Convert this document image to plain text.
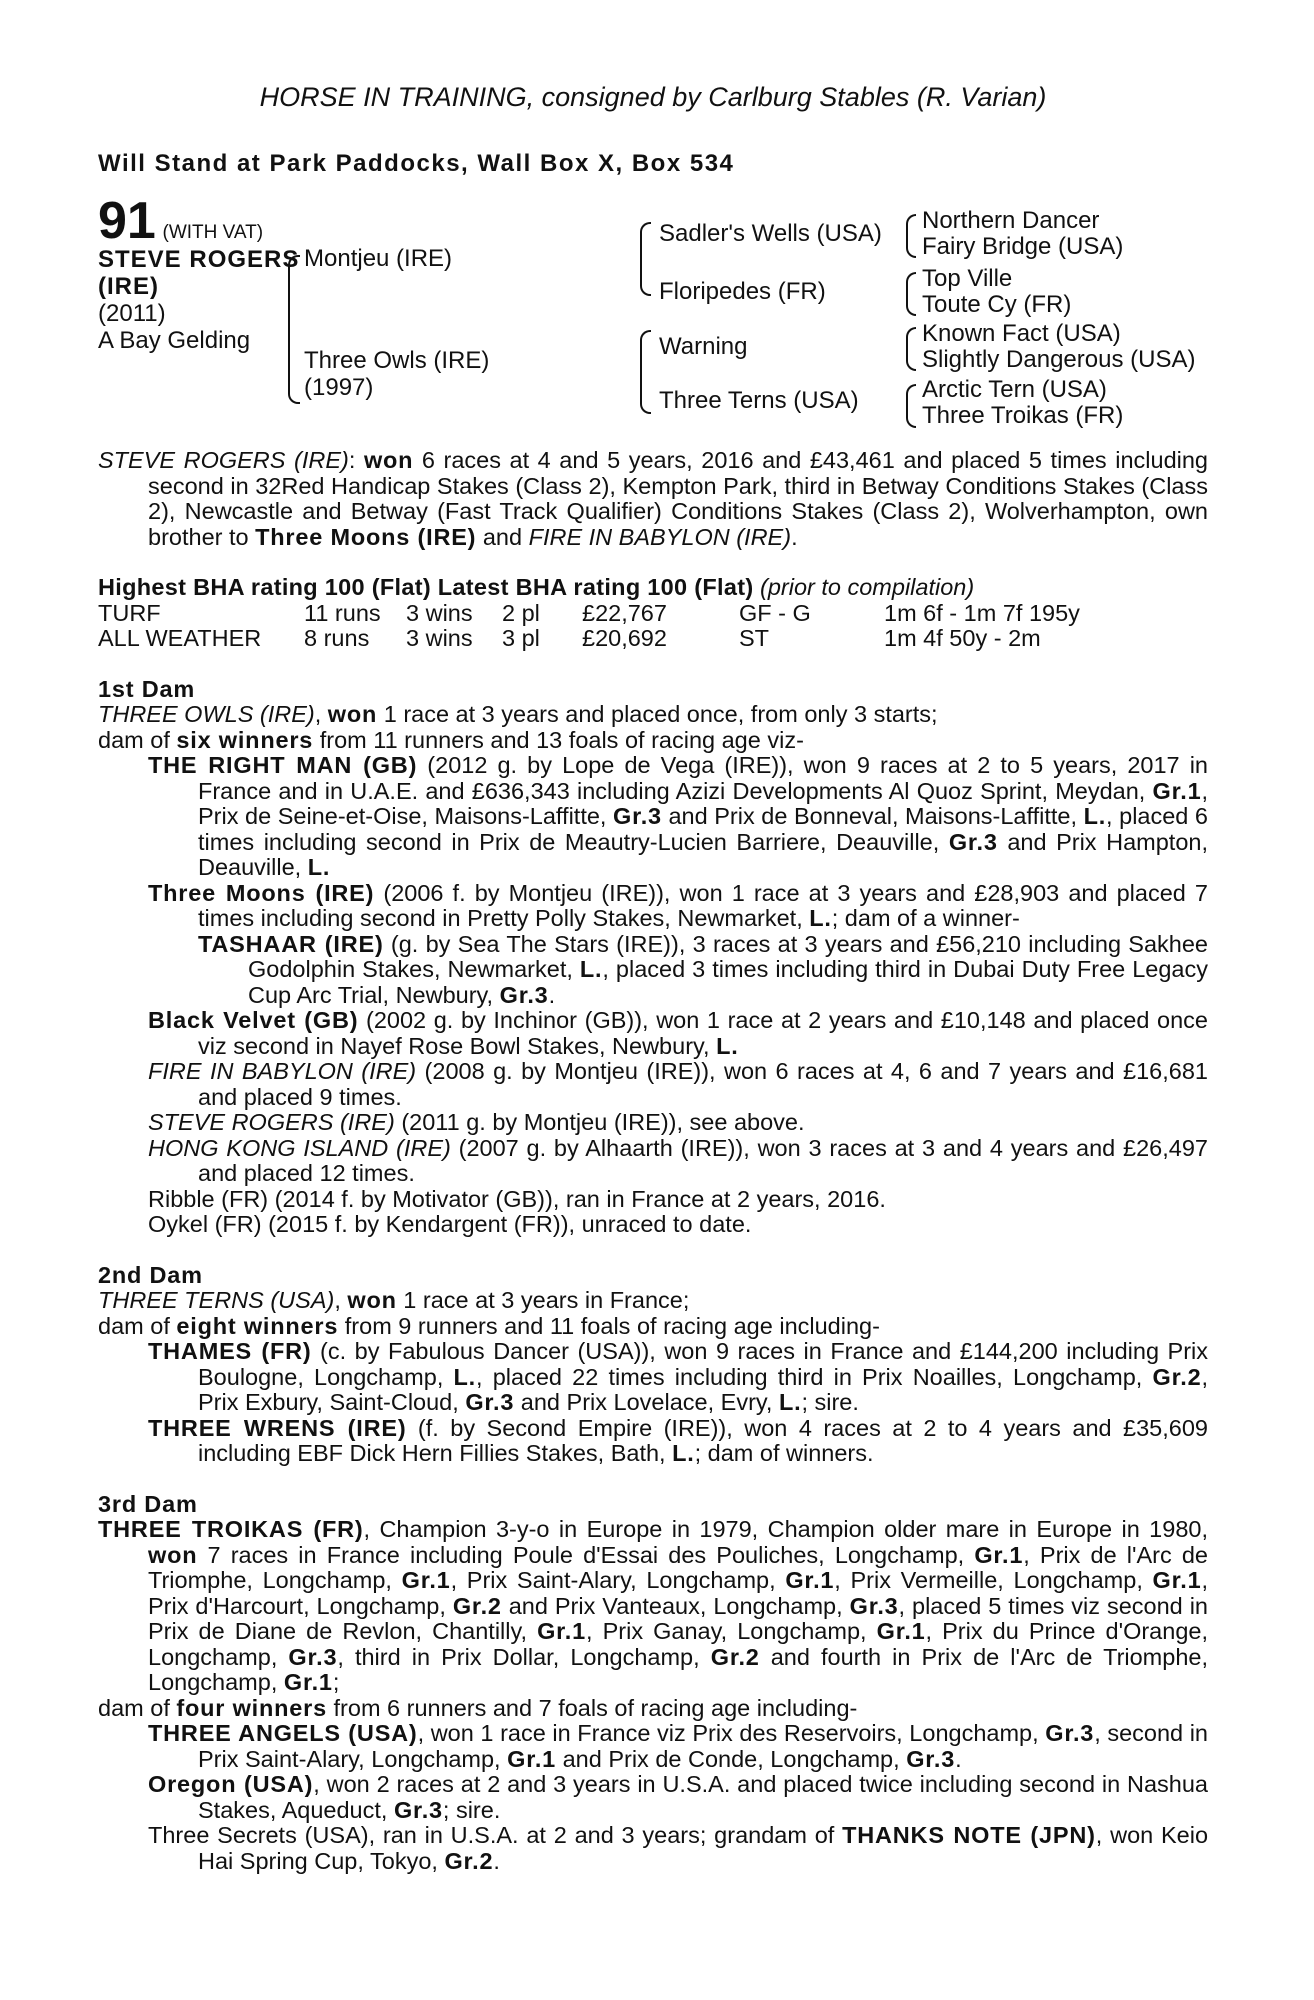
HORSE IN TRAINING, consigned by Carlburg Stables (R. Varian)
Will Stand at Park Paddocks, Wall Box X, Box 534
91 (WITH VAT)
STEVE ROGERS (IRE)
(2011)
A Bay Gelding
Montjeu (IRE)
Three Owls (IRE)
(1997)
Sadler's Wells (USA)
Floripedes (FR)
Warning
Three Terns (USA)
Northern Dancer
Fairy Bridge (USA)
Top Ville
Toute Cy (FR)
Known Fact (USA)
Slightly Dangerous (USA)
Arctic Tern (USA)
Three Troikas (FR)

STEVE ROGERS (IRE): won 6 races at 4 and 5 years, 2016 and £43,461 and placed 5 times including second in 32Red Handicap Stakes (Class 2), Kempton Park, third in Betway Conditions Stakes (Class 2), Newcastle and Betway (Fast Track Qualifier) Conditions Stakes (Class 2), Wolverhampton, own brother to Three Moons (IRE) and FIRE IN BABYLON (IRE).

Highest BHA rating 100 (Flat) Latest BHA rating 100 (Flat) (prior to compilation)

TURF	11 runs	3 wins	2 pl	£22,767	GF - G	1m 6f - 1m 7f 195y
ALL WEATHER	8 runs	3 wins	3 pl	£20,692	ST	1m 4f 50y - 2m

1st Dam

THREE OWLS (IRE), won 1 race at 3 years and placed once, from only 3 starts;

dam of six winners from 11 runners and 13 foals of racing age viz-

THE RIGHT MAN (GB) (2012 g. by Lope de Vega (IRE)), won 9 races at 2 to 5 years, 2017 in France and in U.A.E. and £636,343 including Azizi Developments Al Quoz Sprint, Meydan, Gr.1, Prix de Seine-et-Oise, Maisons-Laffitte, Gr.3 and Prix de Bonneval, Maisons-Laffitte, L., placed 6 times including second in Prix de Meautry-Lucien Barriere, Deauville, Gr.3 and Prix Hampton, Deauville, L.

Three Moons (IRE) (2006 f. by Montjeu (IRE)), won 1 race at 3 years and £28,903 and placed 7 times including second in Pretty Polly Stakes, Newmarket, L.; dam of a winner-

TASHAAR (IRE) (g. by Sea The Stars (IRE)), 3 races at 3 years and £56,210 including Sakhee Godolphin Stakes, Newmarket, L., placed 3 times including third in Dubai Duty Free Legacy Cup Arc Trial, Newbury, Gr.3.

Black Velvet (GB) (2002 g. by Inchinor (GB)), won 1 race at 2 years and £10,148 and placed once viz second in Nayef Rose Bowl Stakes, Newbury, L.

FIRE IN BABYLON (IRE) (2008 g. by Montjeu (IRE)), won 6 races at 4, 6 and 7 years and £16,681 and placed 9 times.

STEVE ROGERS (IRE) (2011 g. by Montjeu (IRE)), see above.

HONG KONG ISLAND (IRE) (2007 g. by Alhaarth (IRE)), won 3 races at 3 and 4 years and £26,497 and placed 12 times.

Ribble (FR) (2014 f. by Motivator (GB)), ran in France at 2 years, 2016.

Oykel (FR) (2015 f. by Kendargent (FR)), unraced to date.

2nd Dam

THREE TERNS (USA), won 1 race at 3 years in France;

dam of eight winners from 9 runners and 11 foals of racing age including-

THAMES (FR) (c. by Fabulous Dancer (USA)), won 9 races in France and £144,200 including Prix Boulogne, Longchamp, L., placed 22 times including third in Prix Noailles, Longchamp, Gr.2, Prix Exbury, Saint-Cloud, Gr.3 and Prix Lovelace, Evry, L.; sire.

THREE WRENS (IRE) (f. by Second Empire (IRE)), won 4 races at 2 to 4 years and £35,609 including EBF Dick Hern Fillies Stakes, Bath, L.; dam of winners.

3rd Dam

THREE TROIKAS (FR), Champion 3-y-o in Europe in 1979, Champion older mare in Europe in 1980, won 7 races in France including Poule d'Essai des Pouliches, Longchamp, Gr.1, Prix de l'Arc de Triomphe, Longchamp, Gr.1, Prix Saint-Alary, Longchamp, Gr.1, Prix Vermeille, Longchamp, Gr.1, Prix d'Harcourt, Longchamp, Gr.2 and Prix Vanteaux, Longchamp, Gr.3, placed 5 times viz second in Prix de Diane de Revlon, Chantilly, Gr.1, Prix Ganay, Longchamp, Gr.1, Prix du Prince d'Orange, Longchamp, Gr.3, third in Prix Dollar, Longchamp, Gr.2 and fourth in Prix de l'Arc de Triomphe, Longchamp, Gr.1;

dam of four winners from 6 runners and 7 foals of racing age including-

THREE ANGELS (USA), won 1 race in France viz Prix des Reservoirs, Longchamp, Gr.3, second in Prix Saint-Alary, Longchamp, Gr.1 and Prix de Conde, Longchamp, Gr.3.

Oregon (USA), won 2 races at 2 and 3 years in U.S.A. and placed twice including second in Nashua Stakes, Aqueduct, Gr.3; sire.

Three Secrets (USA), ran in U.S.A. at 2 and 3 years; grandam of THANKS NOTE (JPN), won Keio Hai Spring Cup, Tokyo, Gr.2.
